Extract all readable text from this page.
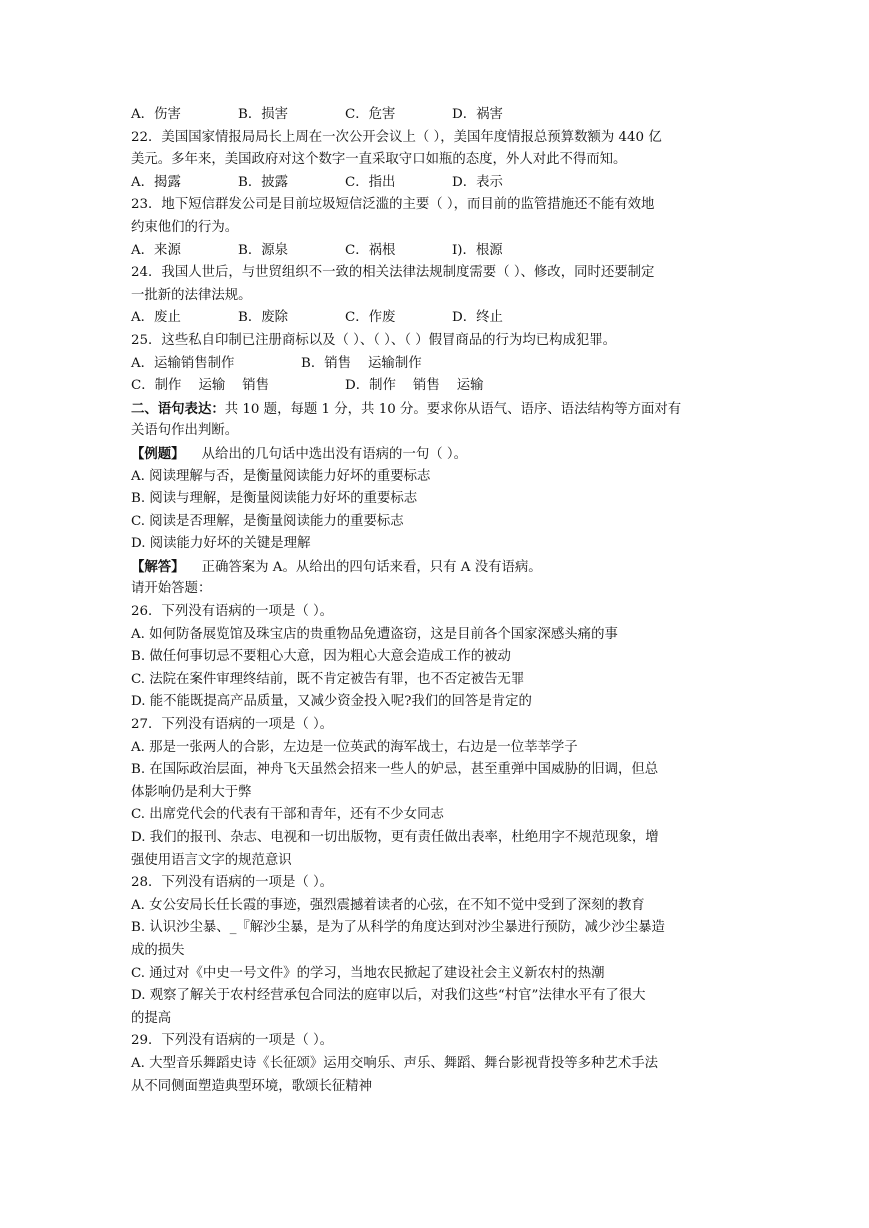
A．伤害	B．损害	C．危害	D．祸害
22．美国国家情报局局长上周在一次公开会议上（ ），美国年度情报总预算数额为 440 亿
美元。多年来，美国政府对这个数字一直采取守口如瓶的态度，外人对此不得而知。
A．揭露	B．披露	C．指出	D．表示
23．地下短信群发公司是目前垃圾短信泛滥的主要（ ），而目前的监管措施还不能有效地
约束他们的行为。
A．来源	B．源泉	C．祸根	I)．根源
24．我国人世后，与世贸组织不一致的相关法律法规制度需要（ ）、修改，同时还要制定
一批新的法律法规。
A．废止	B．废除	C．作废	D．终止
25．这些私自印制已注册商标以及（ ）、（ ）、（ ）假冒商品的行为均已构成犯罪。
A．运输销售制作	B．销售    运输制作
C．制作    运输    销售	D．制作    销售    运输
二、语句表达：共 10 题，每题 1 分，共 10 分。要求你从语气、语序、语法结构等方面对有
关语句作出判断。
【例题】    从给出的几句话中选出没有语病的一句（ ）。
A. 阅读理解与否，是衡量阅读能力好坏的重要标志
B. 阅读与理解，是衡量阅读能力好坏的重要标志
C. 阅读是否理解，是衡量阅读能力的重要标志
D. 阅读能力好坏的关键是理解
【解答】    正确答案为 A。从给出的四句话来看，只有 A 没有语病。
请开始答题：
26．下列没有语病的一项是（ ）。
A. 如何防备展览馆及珠宝店的贵重物品免遭盗窃，这是目前各个国家深感头痛的事
B. 做任何事切忌不要粗心大意，因为粗心大意会造成工作的被动
C. 法院在案件审理终结前，既不肯定被告有罪，也不否定被告无罪
D. 能不能既提高产品质量，又减少资金投入呢?我们的回答是肯定的
27．下列没有语病的一项是（ ）。
A. 那是一张两人的合影，左边是一位英武的海军战士，右边是一位莘莘学子
B. 在国际政治层面，神舟飞天虽然会招来一些人的妒忌，甚至重弹中国威胁的旧调，但总
体影响仍是利大于弊
C. 出席党代会的代表有干部和青年，还有不少女同志
D. 我们的报刊、杂志、电视和一切出版物，更有责任做出表率，杜绝用字不规范现象，增
强使用语言文字的规范意识
28．下列没有语病的一项是（ ）。
A. 女公安局长任长霞的事迹，强烈震撼着读者的心弦，在不知不觉中受到了深刻的教育
B. 认识沙尘暴、_『解沙尘暴，是为了从科学的角度达到对沙尘暴进行预防，减少沙尘暴造
成的损失
C. 通过对《中史一号文件》的学习，当地农民掀起了建设社会主义新农村的热潮
D. 观察了解关于农村经营承包合同法的庭审以后，对我们这些“村官”法律水平有了很大
的提高
29．下列没有语病的一项是（ ）。
A. 大型音乐舞蹈史诗《长征颂》运用交响乐、声乐、舞蹈、舞台影视背投等多种艺术手法
从不同侧面塑造典型环境，歌颂长征精神
